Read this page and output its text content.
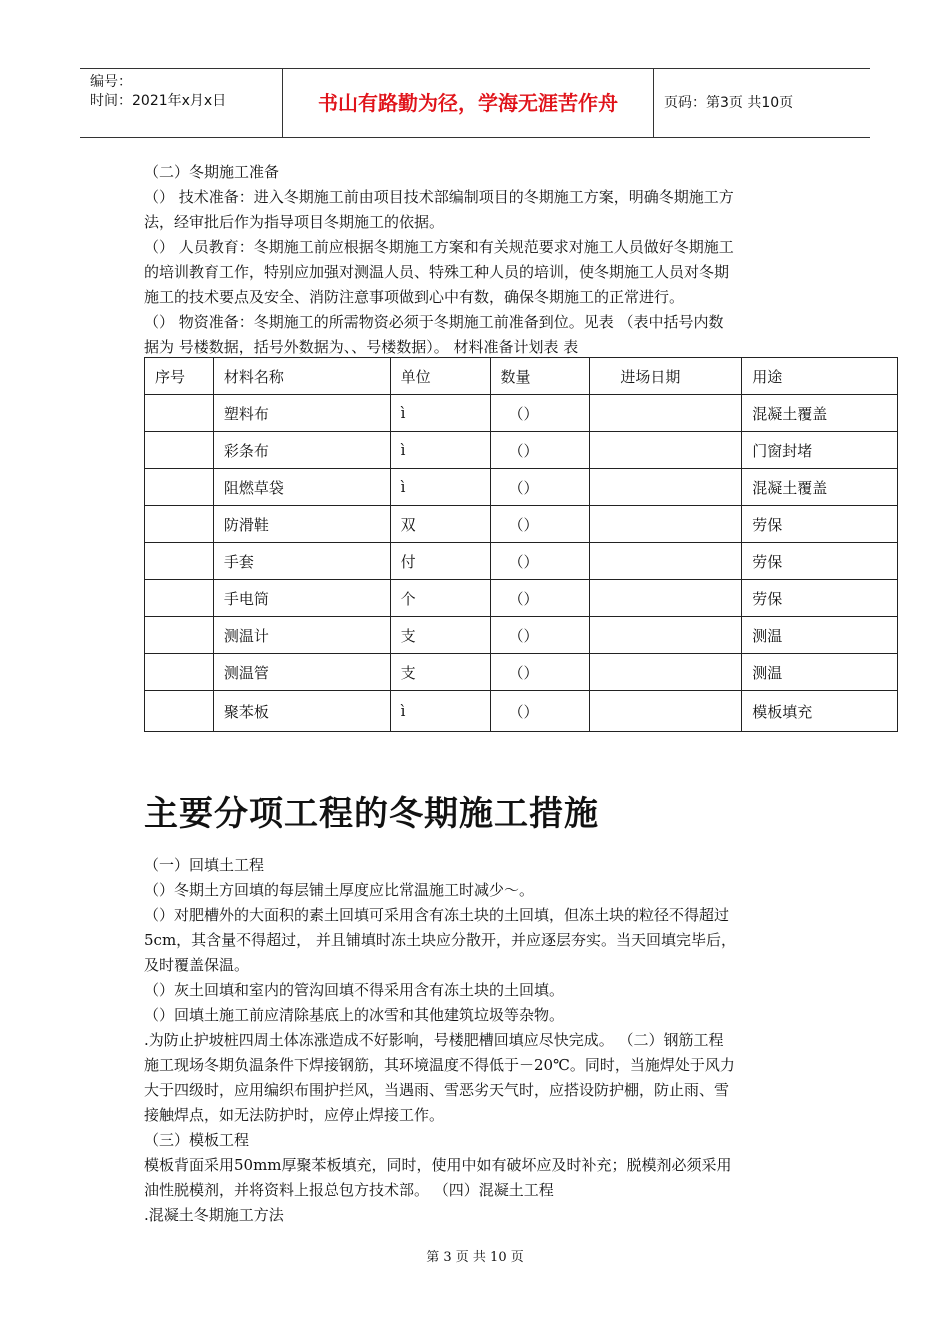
编号：
时间：2021年x月x日	书山有路勤为径，学海无涯苦作舟	页码：第3页 共10页

（二）冬期施工准备

（） 技术准备：进入冬期施工前由项目技术部编制项目的冬期施工方案，明确冬期施工方

法，经审批后作为指导项目冬期施工的依据。

（） 人员教育：冬期施工前应根据冬期施工方案和有关规范要求对施工人员做好冬期施工

的培训教育工作，特别应加强对测温人员、特殊工种人员的培训，使冬期施工人员对冬期

施工的技术要点及安全、消防注意事项做到心中有数，确保冬期施工的正常进行。

（） 物资准备：冬期施工的所需物资必须于冬期施工前准备到位。见表 （表中括号内数

据为 号楼数据，括号外数据为、、号楼数据）。 材料准备计划表 表

序号	材料名称	单位	数量	进场日期	用途
	塑料布	ì	（）		混凝土覆盖
	彩条布	ì	（）		门窗封堵
	阻燃草袋	ì	（）		混凝土覆盖
	防滑鞋	双	（）		劳保
	手套	付	（）		劳保
	手电筒	个	（）		劳保
	测温计	支	（）		测温
	测温管	支	（）		测温
	聚苯板	ì	（）		模板填充
主要分项工程的冬期施工措施

（一）回填土工程

（）冬期土方回填的每层铺土厚度应比常温施工时减少～。

（）对肥槽外的大面积的素土回填可采用含有冻土块的土回填，但冻土块的粒径不得超过

5cm，其含量不得超过， 并且铺填时冻土块应分散开，并应逐层夯实。当天回填完毕后，

及时覆盖保温。

（）灰土回填和室内的管沟回填不得采用含有冻土块的土回填。

（）回填土施工前应清除基底上的冰雪和其他建筑垃圾等杂物。

.为防止护坡桩四周土体冻涨造成不好影响，号楼肥槽回填应尽快完成。 （二）钢筋工程

施工现场冬期负温条件下焊接钢筋，其环境温度不得低于－20℃。同时，当施焊处于风力

大于四级时，应用编织布围护拦风，当遇雨、雪恶劣天气时，应搭设防护棚，防止雨、雪

接触焊点，如无法防护时，应停止焊接工作。

（三）模板工程

模板背面采用50mm厚聚苯板填充，同时，使用中如有破坏应及时补充；脱模剂必须采用

油性脱模剂，并将资料上报总包方技术部。 （四）混凝土工程

.混凝土冬期施工方法

第 3 页 共 10 页
